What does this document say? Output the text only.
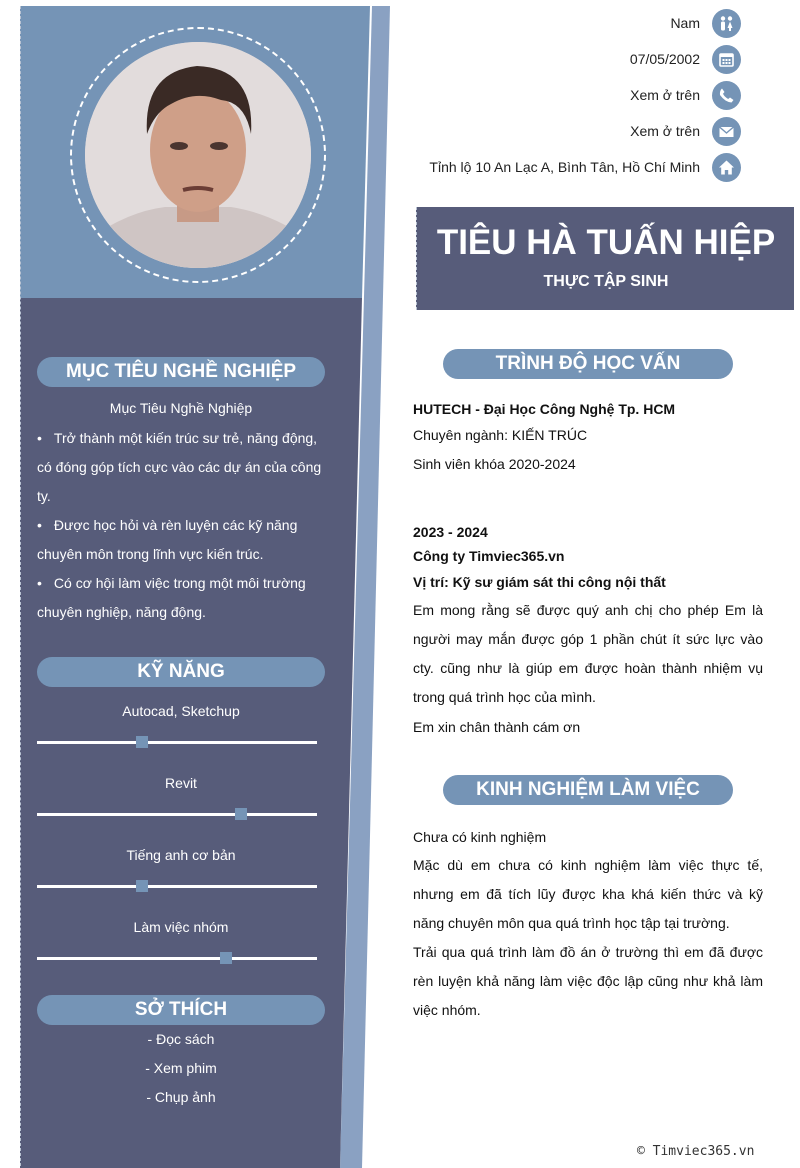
MỤC TIÊU NGHỀ NGHIỆP
Mục Tiêu Nghề Nghiệp
• Trở thành một kiến trúc sư trẻ, năng động, có đóng góp tích cực vào các dự án của công ty.
• Được học hỏi và rèn luyện các kỹ năng chuyên môn trong lĩnh vực kiến trúc.
• Có cơ hội làm việc trong một môi trường chuyên nghiệp, năng động.
KỸ NĂNG
Autocad, Sketchup
Revit
Tiếng anh cơ bản
Làm việc nhóm
SỞ THÍCH
- Đọc sách
- Xem phim
- Chụp ảnh
Nam
07/05/2002
Xem ở trên
Xem ở trên
Tỉnh lộ 10 An Lạc A, Bình Tân, Hồ Chí Minh
TIÊU HÀ TUẤN HIỆP
THỰC TẬP SINH
TRÌNH ĐỘ HỌC VẤN
HUTECH - Đại Học Công Nghệ Tp. HCM
Chuyên ngành: KIẾN TRÚC
Sinh viên khóa 2020-2024
2023 - 2024
Công ty Timviec365.vn
Vị trí: Kỹ sư giám sát thi công nội thất
Em mong rằng sẽ được quý anh chị cho phép Em là người may mắn được góp 1 phần chút ít sức lực vào cty. cũng như là giúp em được hoàn thành nhiệm vụ trong quá trình học của mình.
Em xin chân thành cám ơn
KINH NGHIỆM LÀM VIỆC
Chưa có kinh nghiệm
Mặc dù em chưa có kinh nghiệm làm việc thực tế, nhưng em đã tích lũy được kha khá kiến thức và kỹ năng chuyên môn qua quá trình học tập tại trường.
Trải qua quá trình làm đồ án ở trường thì em đã được rèn luyện khả năng làm việc độc lập cũng như khả làm việc nhóm.
© Timviec365.vn
